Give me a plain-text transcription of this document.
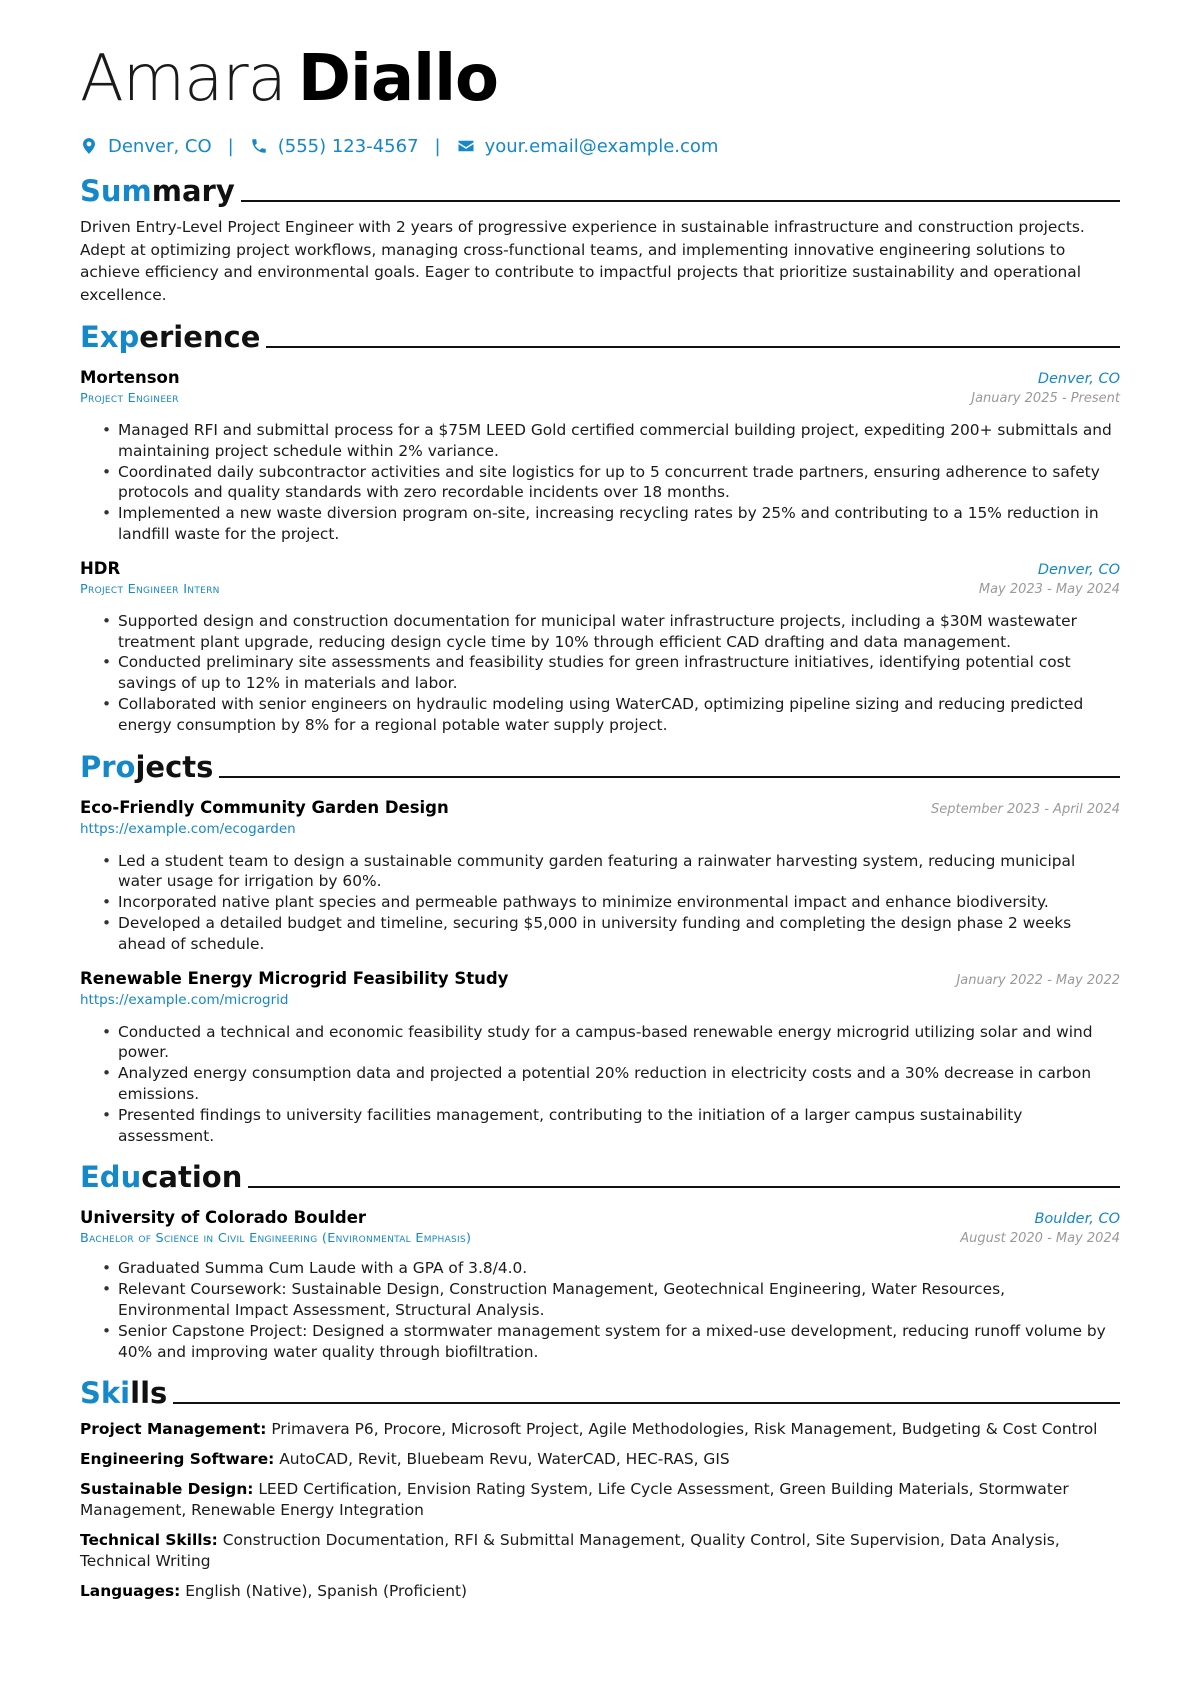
Amara Diallo
Denver, CO | (555) 123-4567 | your.email@example.com
Summary
Driven Entry-Level Project Engineer with 2 years of progressive experience in sustainable infrastructure and construction projects. Adept at optimizing project workflows, managing cross-functional teams, and implementing innovative engineering solutions to achieve efficiency and environmental goals. Eager to contribute to impactful projects that prioritize sustainability and operational excellence.
Experience
Mortenson	Denver, CO
Project Engineer	January 2025 - Present
• Managed RFI and submittal process for a $75M LEED Gold certified commercial building project, expediting 200+ submittals and maintaining project schedule within 2% variance.
• Coordinated daily subcontractor activities and site logistics for up to 5 concurrent trade partners, ensuring adherence to safety protocols and quality standards with zero recordable incidents over 18 months.
• Implemented a new waste diversion program on-site, increasing recycling rates by 25% and contributing to a 15% reduction in landfill waste for the project.
HDR	Denver, CO
Project Engineer Intern	May 2023 - May 2024
• Supported design and construction documentation for municipal water infrastructure projects, including a $30M wastewater treatment plant upgrade, reducing design cycle time by 10% through efficient CAD drafting and data management.
• Conducted preliminary site assessments and feasibility studies for green infrastructure initiatives, identifying potential cost savings of up to 12% in materials and labor.
• Collaborated with senior engineers on hydraulic modeling using WaterCAD, optimizing pipeline sizing and reducing predicted energy consumption by 8% for a regional potable water supply project.
Projects
Eco-Friendly Community Garden Design	September 2023 - April 2024
https://example.com/ecogarden
• Led a student team to design a sustainable community garden featuring a rainwater harvesting system, reducing municipal water usage for irrigation by 60%.
• Incorporated native plant species and permeable pathways to minimize environmental impact and enhance biodiversity.
• Developed a detailed budget and timeline, securing $5,000 in university funding and completing the design phase 2 weeks ahead of schedule.
Renewable Energy Microgrid Feasibility Study	January 2022 - May 2022
https://example.com/microgrid
• Conducted a technical and economic feasibility study for a campus-based renewable energy microgrid utilizing solar and wind power.
• Analyzed energy consumption data and projected a potential 20% reduction in electricity costs and a 30% decrease in carbon emissions.
• Presented findings to university facilities management, contributing to the initiation of a larger campus sustainability assessment.
Education
University of Colorado Boulder	Boulder, CO
Bachelor of Science in Civil Engineering (Environmental Emphasis)	August 2020 - May 2024
• Graduated Summa Cum Laude with a GPA of 3.8/4.0.
• Relevant Coursework: Sustainable Design, Construction Management, Geotechnical Engineering, Water Resources, Environmental Impact Assessment, Structural Analysis.
• Senior Capstone Project: Designed a stormwater management system for a mixed-use development, reducing runoff volume by 40% and improving water quality through biofiltration.
Skills
Project Management: Primavera P6, Procore, Microsoft Project, Agile Methodologies, Risk Management, Budgeting & Cost Control
Engineering Software: AutoCAD, Revit, Bluebeam Revu, WaterCAD, HEC-RAS, GIS
Sustainable Design: LEED Certification, Envision Rating System, Life Cycle Assessment, Green Building Materials, Stormwater Management, Renewable Energy Integration
Technical Skills: Construction Documentation, RFI & Submittal Management, Quality Control, Site Supervision, Data Analysis, Technical Writing
Languages: English (Native), Spanish (Proficient)
